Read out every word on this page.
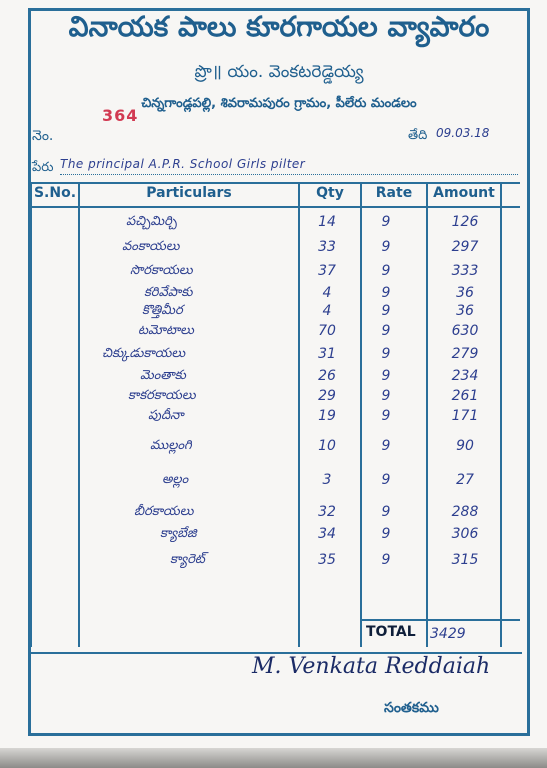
వినాయక పాలు కూరగాయల వ్యాపారం
ప్రొ॥ యం. వెంకటరెడ్డెయ్య
చిన్నగాండ్లపల్లి, శివరామపురం గ్రామం, పీలేరు మండలం
నెం.
364
తేది 09.03.18
పేరు The principal A.P.R. School Girls pilter
S.No.	Particulars	Qty	Rate	Amount
పచ్చిమిర్చి	14	9	126
వంకాయలు	33	9	297
సొరకాయలు	37	9	333
కరివేపాకు	4	9	36
కొత్తిమీర	4	9	36
టమోటాలు	70	9	630
చిక్కుడుకాయలు	31	9	279
మెంతాకు	26	9	234
కాకరకాయలు	29	9	261
పుదీనా	19	9	171
ముల్లంగి	10	9	90
అల్లం	3	9	27
బీరకాయలు	32	9	288
క్యాబేజి	34	9	306
క్యారెట్	35	9	315
TOTAL 3429
M. Venkata Reddaiah
సంతకము
